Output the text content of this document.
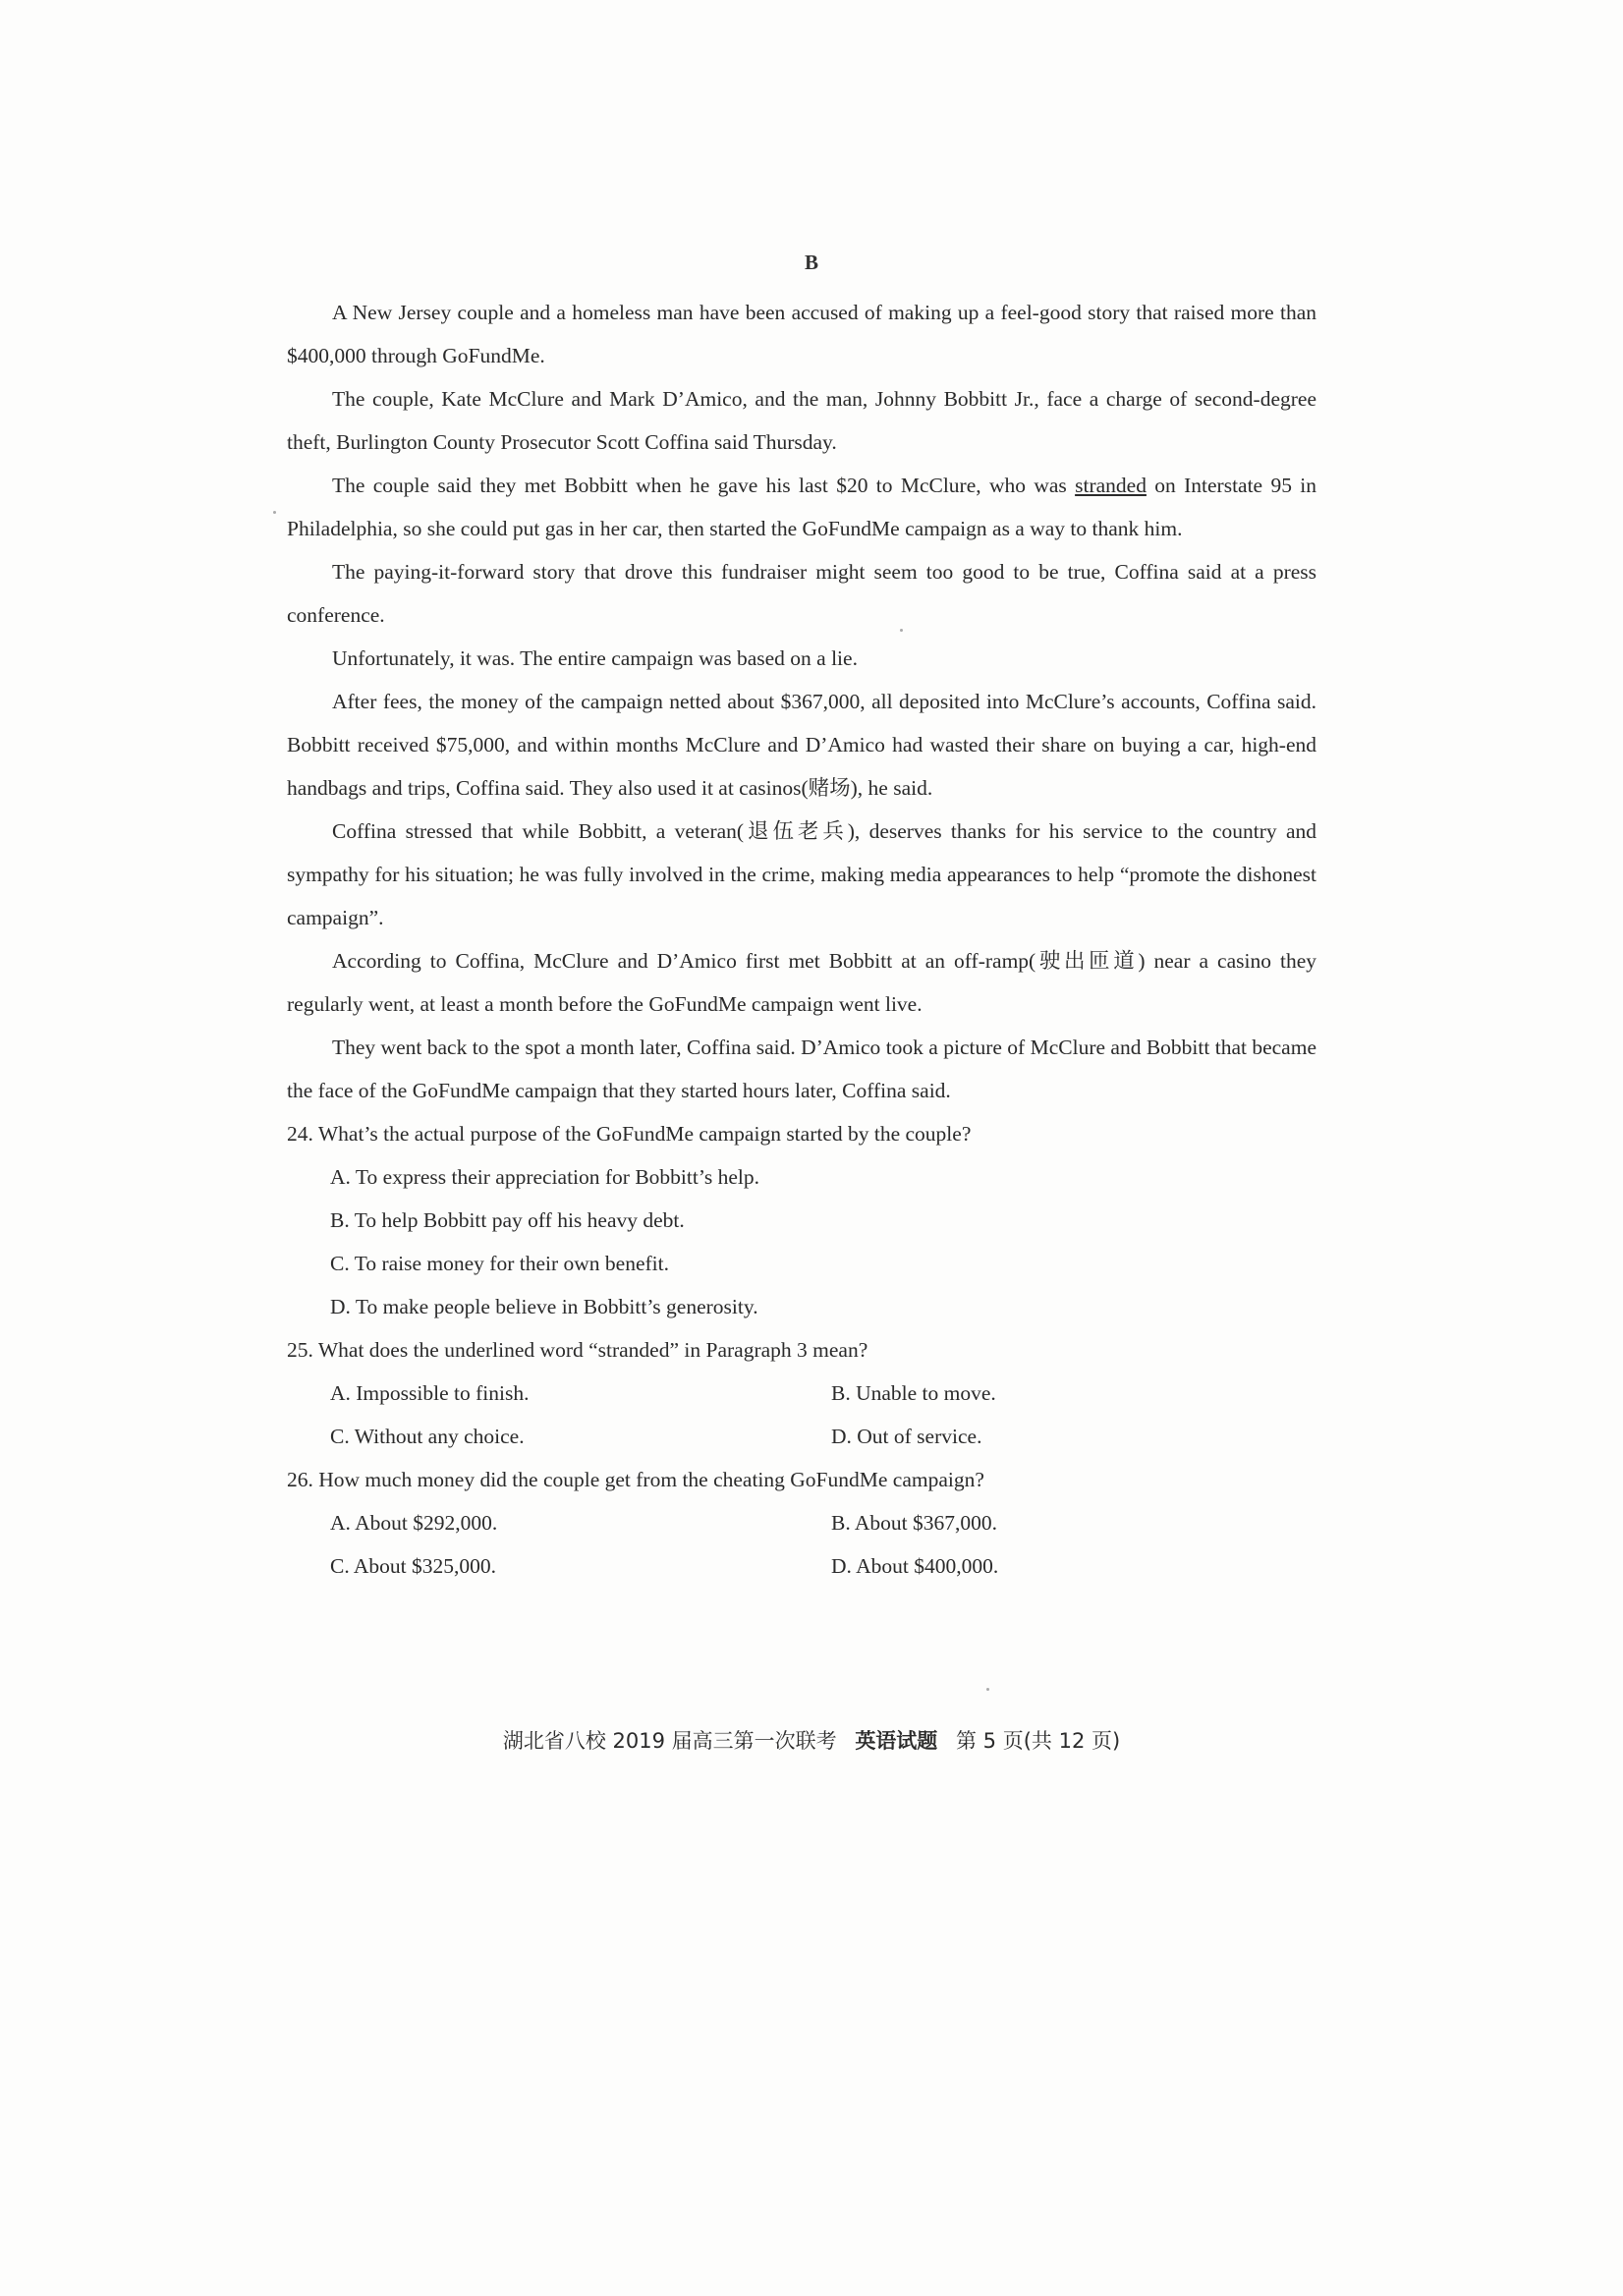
B

A New Jersey couple and a homeless man have been accused of making up a feel-good story that raised more than $400,000 through GoFundMe.

The couple, Kate McClure and Mark D’Amico, and the man, Johnny Bobbitt Jr., face a charge of second-degree theft, Burlington County Prosecutor Scott Coffina said Thursday.

The couple said they met Bobbitt when he gave his last $20 to McClure, who was stranded on Interstate 95 in Philadelphia, so she could put gas in her car, then started the GoFundMe campaign as a way to thank him.

The paying-it-forward story that drove this fundraiser might seem too good to be true, Coffina said at a press conference.

Unfortunately, it was. The entire campaign was based on a lie.

After fees, the money of the campaign netted about $367,000, all deposited into McClure’s accounts, Coffina said. Bobbitt received $75,000, and within months McClure and D’Amico had wasted their share on buying a car, high-end handbags and trips, Coffina said. They also used it at casinos(赌场), he said.

Coffina stressed that while Bobbitt, a veteran(退伍老兵), deserves thanks for his service to the country and sympathy for his situation; he was fully involved in the crime, making media appearances to help “promote the dishonest campaign”.

According to Coffina, McClure and D’Amico first met Bobbitt at an off-ramp(驶出匝道) near a casino they regularly went, at least a month before the GoFundMe campaign went live.

They went back to the spot a month later, Coffina said. D’Amico took a picture of McClure and Bobbitt that became the face of the GoFundMe campaign that they started hours later, Coffina said.

24. What’s the actual purpose of the GoFundMe campaign started by the couple?

A. To express their appreciation for Bobbitt’s help.

B. To help Bobbitt pay off his heavy debt.

C. To raise money for their own benefit.

D. To make people believe in Bobbitt’s generosity.

25. What does the underlined word “stranded” in Paragraph 3 mean?

A. Impossible to finish.	B. Unable to move.

C. Without any choice.	D. Out of service.

26. How much money did the couple get from the cheating GoFundMe campaign?

A. About $292,000.	B. About $367,000.

C. About $325,000.	D. About $400,000.

湖北省八校 2019 届高三第一次联考 英语试题 第 5 页(共 12 页)
